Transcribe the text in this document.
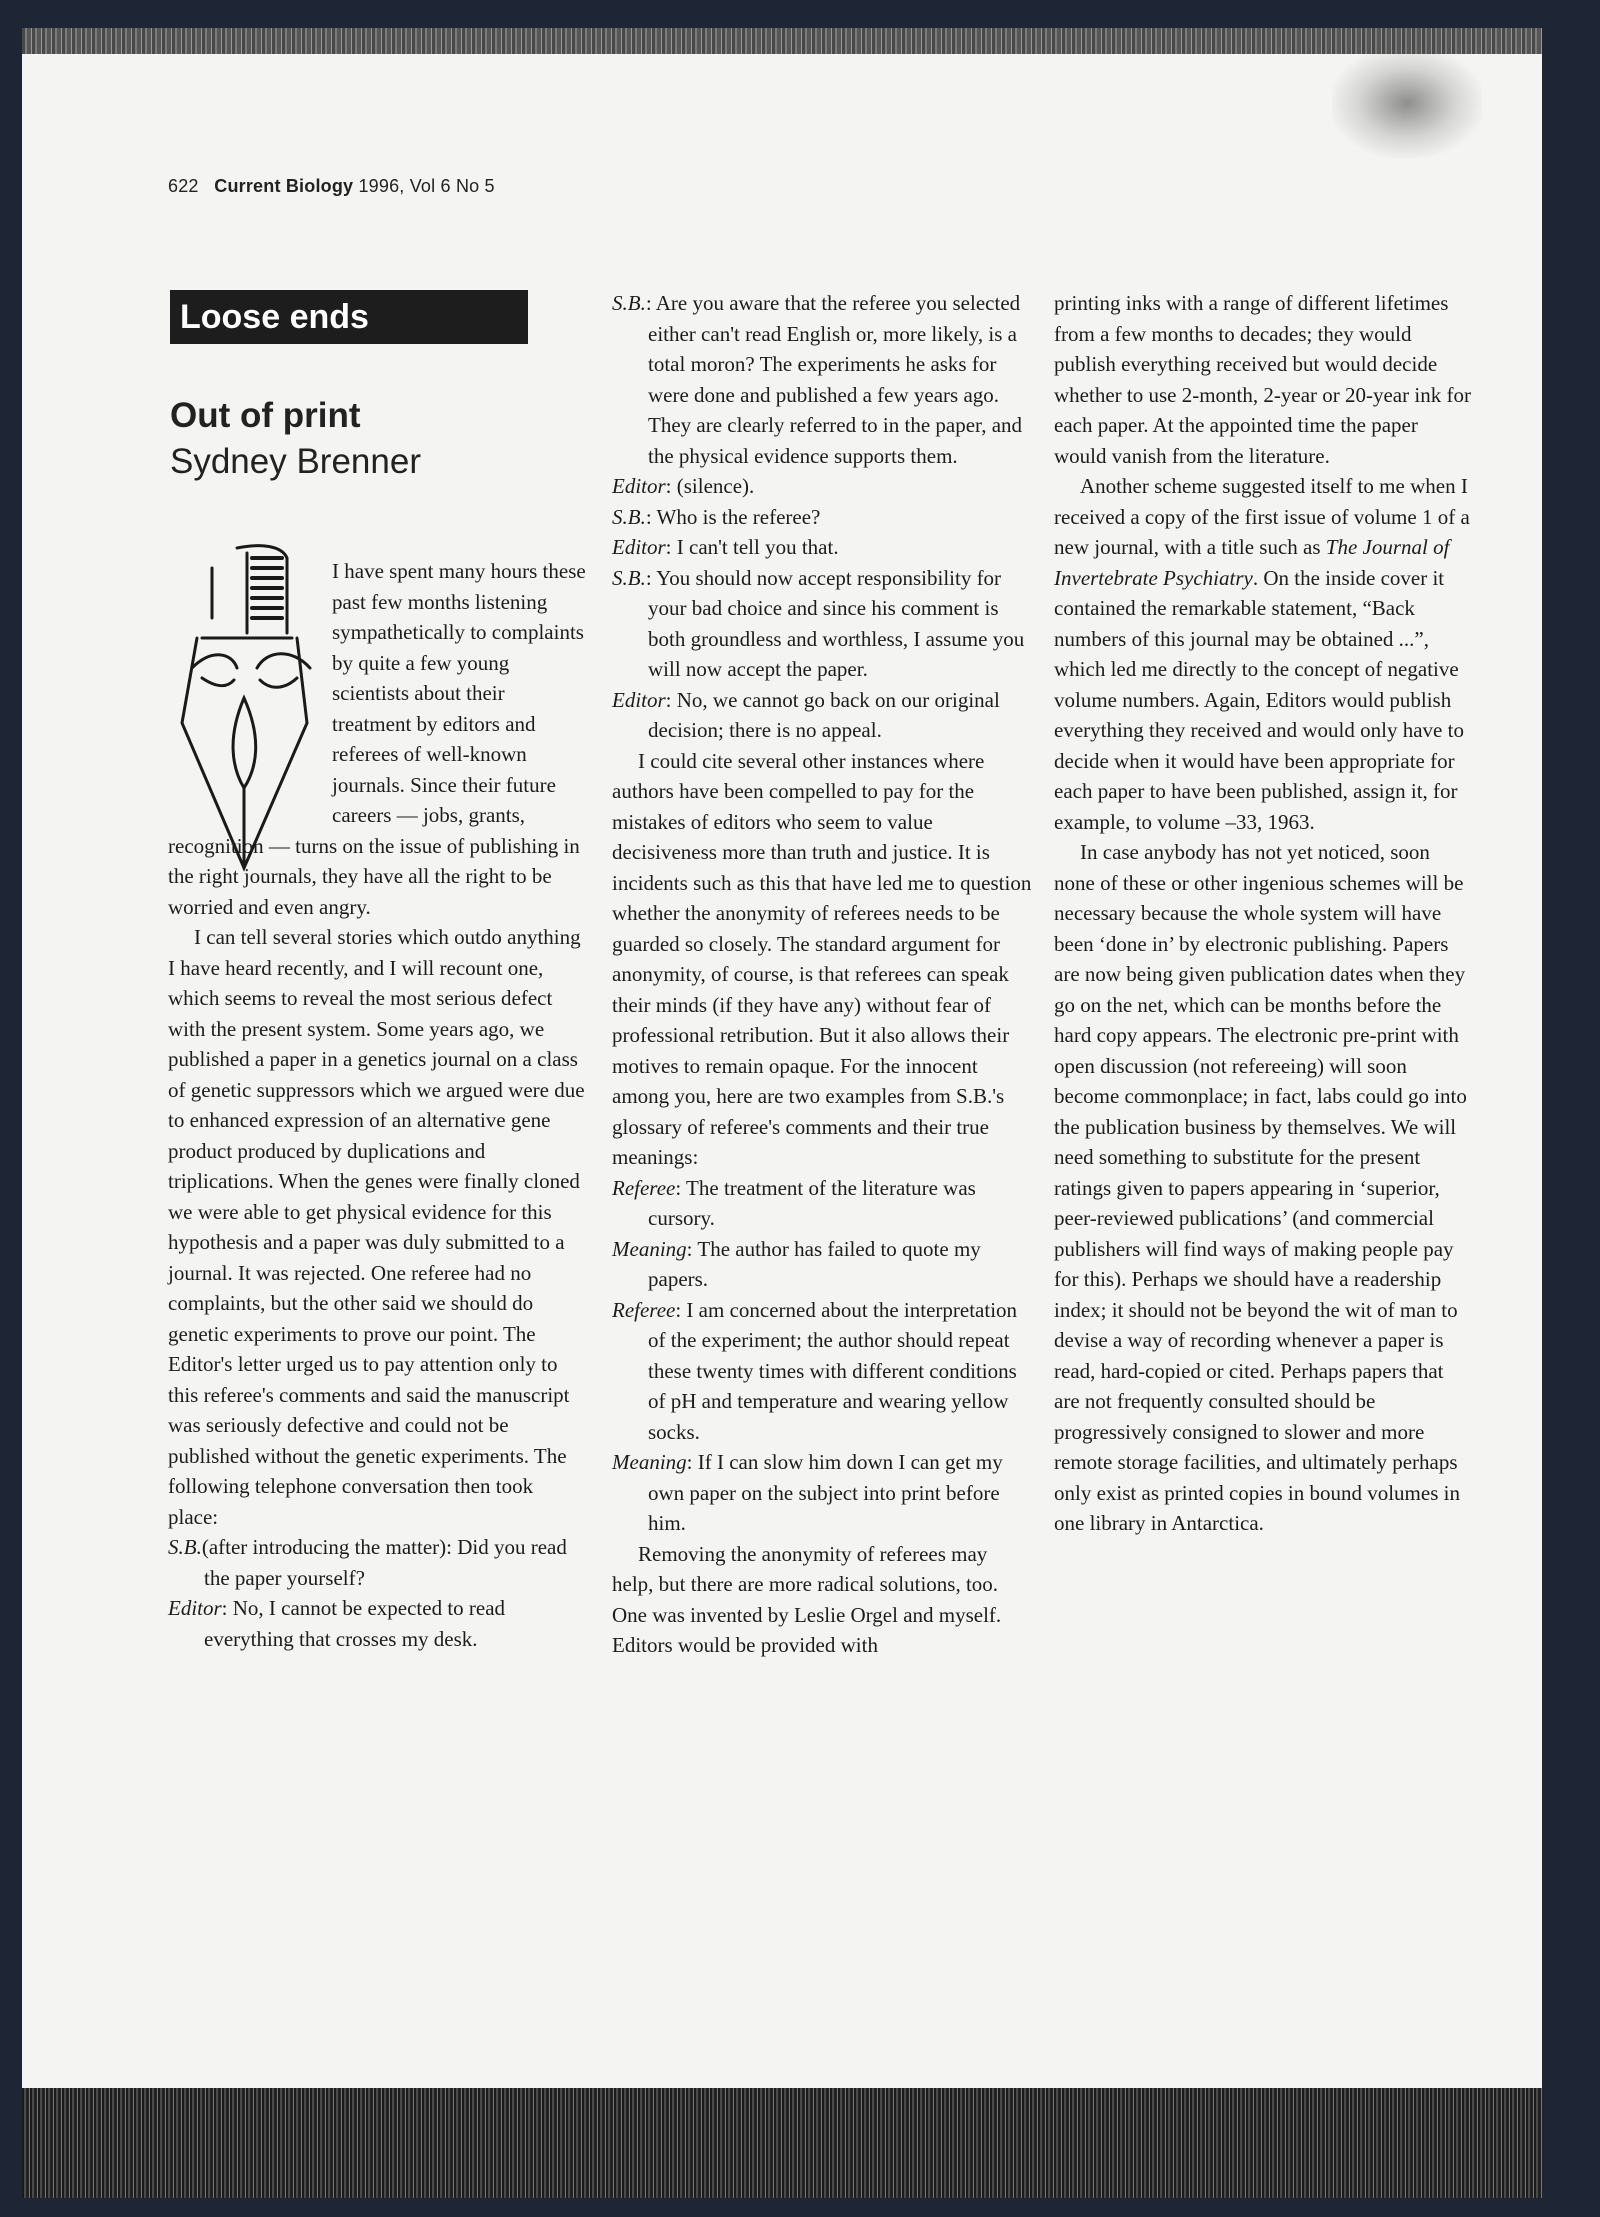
622 Current Biology 1996, Vol 6 No 5
Loose ends
Out of print
Sydney Brenner

I have spent many hours these past few months listening sympathetically to complaints by quite a few young scientists about their treatment by editors and referees of well-known journals. Since their future careers — jobs, grants,

recognition — turns on the issue of publishing in the right journals, they have all the right to be worried and even angry.

I can tell several stories which outdo anything I have heard recently, and I will recount one, which seems to reveal the most serious defect with the present system. Some years ago, we published a paper in a genetics journal on a class of genetic suppressors which we argued were due to enhanced expression of an alternative gene product produced by duplications and triplications. When the genes were finally cloned we were able to get physical evidence for this hypothesis and a paper was duly submitted to a journal. It was rejected. One referee had no complaints, but the other said we should do genetic experiments to prove our point. The Editor's letter urged us to pay attention only to this referee's comments and said the manuscript was seriously defective and could not be published without the genetic experiments. The following telephone conversation then took place:

S.B.(after introducing the matter): Did you read the paper yourself?

Editor: No, I cannot be expected to read everything that crosses my desk.

S.B.: Are you aware that the referee you selected either can't read English or, more likely, is a total moron? The experiments he asks for were done and published a few years ago. They are clearly referred to in the paper, and the physical evidence supports them.

Editor: (silence).

S.B.: Who is the referee?

Editor: I can't tell you that.

S.B.: You should now accept responsibility for your bad choice and since his comment is both groundless and worthless, I assume you will now accept the paper.

Editor: No, we cannot go back on our original decision; there is no appeal.

I could cite several other instances where authors have been compelled to pay for the mistakes of editors who seem to value decisiveness more than truth and justice. It is incidents such as this that have led me to question whether the anonymity of referees needs to be guarded so closely. The standard argument for anonymity, of course, is that referees can speak their minds (if they have any) without fear of professional retribution. But it also allows their motives to remain opaque. For the innocent among you, here are two examples from S.B.'s glossary of referee's comments and their true meanings:

Referee: The treatment of the literature was cursory.

Meaning: The author has failed to quote my papers.

Referee: I am concerned about the interpretation of the experiment; the author should repeat these twenty times with different conditions of pH and temperature and wearing yellow socks.

Meaning: If I can slow him down I can get my own paper on the subject into print before him.

Removing the anonymity of referees may help, but there are more radical solutions, too. One was invented by Leslie Orgel and myself. Editors would be provided with

printing inks with a range of different lifetimes from a few months to decades; they would publish everything received but would decide whether to use 2-month, 2-year or 20-year ink for each paper. At the appointed time the paper would vanish from the literature.

Another scheme suggested itself to me when I received a copy of the first issue of volume 1 of a new journal, with a title such as The Journal of Invertebrate Psychiatry. On the inside cover it contained the remarkable statement, “Back numbers of this journal may be obtained ...”, which led me directly to the concept of negative volume numbers. Again, Editors would publish everything they received and would only have to decide when it would have been appropriate for each paper to have been published, assign it, for example, to volume –33, 1963.

In case anybody has not yet noticed, soon none of these or other ingenious schemes will be necessary because the whole system will have been ‘done in’ by electronic publishing. Papers are now being given publication dates when they go on the net, which can be months before the hard copy appears. The electronic pre-print with open discussion (not refereeing) will soon become commonplace; in fact, labs could go into the publication business by themselves. We will need something to substitute for the present ratings given to papers appearing in ‘superior, peer-reviewed publications’ (and commercial publishers will find ways of making people pay for this). Perhaps we should have a readership index; it should not be beyond the wit of man to devise a way of recording whenever a paper is read, hard-copied or cited. Perhaps papers that are not frequently consulted should be progressively consigned to slower and more remote storage facilities, and ultimately perhaps only exist as printed copies in bound volumes in one library in Antarctica.
